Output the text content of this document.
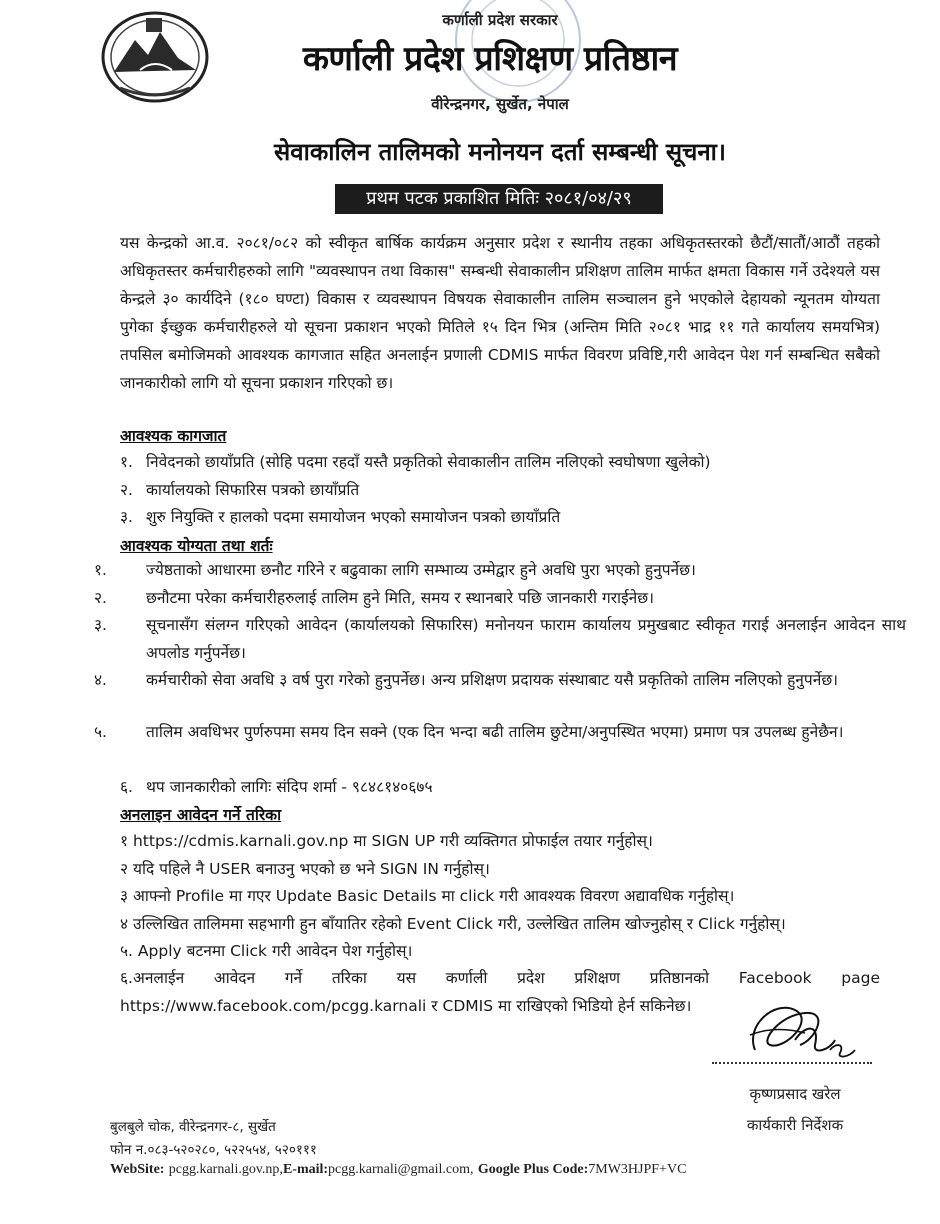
कर्णाली प्रदेश सरकार
कर्णाली प्रदेश प्रशिक्षण प्रतिष्ठान
वीरेन्द्रनगर, सुर्खेत, नेपाल
सेवाकालिन तालिमको मनोनयन दर्ता सम्बन्धी सूचना।
प्रथम पटक प्रकाशित मितिः २०८१/०४/२९
यस केन्द्रको आ.व. २०८१/०८२ को स्वीकृत बार्षिक कार्यक्रम अनुसार प्रदेश र स्थानीय तहका अधिकृतस्तरको छैटौं/सातौं/आठौं तहको अधिकृतस्तर कर्मचारीहरुको लागि "व्यवस्थापन तथा विकास" सम्बन्धी सेवाकालीन प्रशिक्षण तालिम मार्फत क्षमता विकास गर्ने उदेश्यले यस केन्द्रले ३० कार्यदिने (१८० घण्टा) विकास र व्यवस्थापन विषयक सेवाकालीन तालिम सञ्चालन हुने भएकोले देहायको न्यूनतम योग्यता पुगेका ईच्छुक कर्मचारीहरुले यो सूचना प्रकाशन भएको मितिले १५ दिन भित्र (अन्तिम मिति २०८१ भाद्र ११ गते कार्यालय समयभित्र) तपसिल बमोजिमको आवश्यक कागजात सहित अनलाईन प्रणाली CDMIS मार्फत विवरण प्रविष्टि,गरी आवेदन पेश गर्न सम्बन्धित सबैको जानकारीको लागि यो सूचना प्रकाशन गरिएको छ।
आवश्यक कागजात
१. निवेदनको छायाँप्रति (सोहि पदमा रहदाँ यस्तै प्रकृतिको सेवाकालीन तालिम नलिएको स्वघोषणा खुलेको)
२. कार्यालयको सिफारिस पत्रको छायाँप्रति
३. शुरु नियुक्ति र हालको पदमा समायोजन भएको समायोजन पत्रको छायाँप्रति
आवश्यक योग्यता तथा शर्तः
१.	ज्येष्ठताको आधारमा छनौट गरिने र बढुवाका लागि सम्भाव्य उम्मेद्वार हुने अवधि पुरा भएको हुनुपर्नेछ।
२.	छनौटमा परेका कर्मचारीहरुलाई तालिम हुने मिति, समय र स्थानबारे पछि जानकारी गराईनेछ।
३.	सूचनासँग संलग्न गरिएको आवेदन (कार्यालयको सिफारिस) मनोनयन फाराम कार्यालय प्रमुखबाट स्वीकृत गराई अनलाईन आवेदन साथ अपलोड गर्नुपर्नेछ।
४.	कर्मचारीको सेवा अवधि ३ वर्ष पुरा गरेको हुनुपर्नेछ। अन्य प्रशिक्षण प्रदायक संस्थाबाट यसै प्रकृतिको तालिम नलिएको हुनुपर्नेछ।
५.	तालिम अवधिभर पुर्णरुपमा समय दिन सक्ने (एक दिन भन्दा बढी तालिम छुटेमा/अनुपस्थित भएमा) प्रमाण पत्र उपलब्ध हुनेछैन।
६. थप जानकारीको लागिः संदिप शर्मा - ९८४८१४०६७५
अनलाइन आवेदन गर्ने तरिका
१ https://cdmis.karnali.gov.np मा SIGN UP गरी व्यक्तिगत प्रोफाईल तयार गर्नुहोस्।
२ यदि पहिले नै USER बनाउनु भएको छ भने SIGN IN गर्नुहोस्।
३ आफ्नो Profile मा गएर Update Basic Details मा click गरी आवश्यक विवरण अद्यावधिक गर्नुहोस्।
४ उल्लिखित तालिममा सहभागी हुन बाँयातिर रहेको Event Click गरी, उल्लेखित तालिम खोज्नुहोस् र Click गर्नुहोस्।
५. Apply बटनमा Click गरी आवेदन पेश गर्नुहोस्।
६.अनलाईन आवेदन गर्ने तरिका यस कर्णाली प्रदेश प्रशिक्षण प्रतिष्ठानको Facebook page https://www.facebook.com/pcgg.karnali र CDMIS मा राखिएको भिडियो हेर्न सकिनेछ।
कृष्णप्रसाद खरेल
कार्यकारी निर्देशक
बुलबुले चोक, वीरेन्द्रनगर-८, सुर्खेत
फोन न.०८३-५२०२८०, ५२२५५४, ५२०१११
WebSite: pcgg.karnali.gov.np,E-mail:pcgg.karnali@gmail.com, Google Plus Code:7MW3HJPF+VC
